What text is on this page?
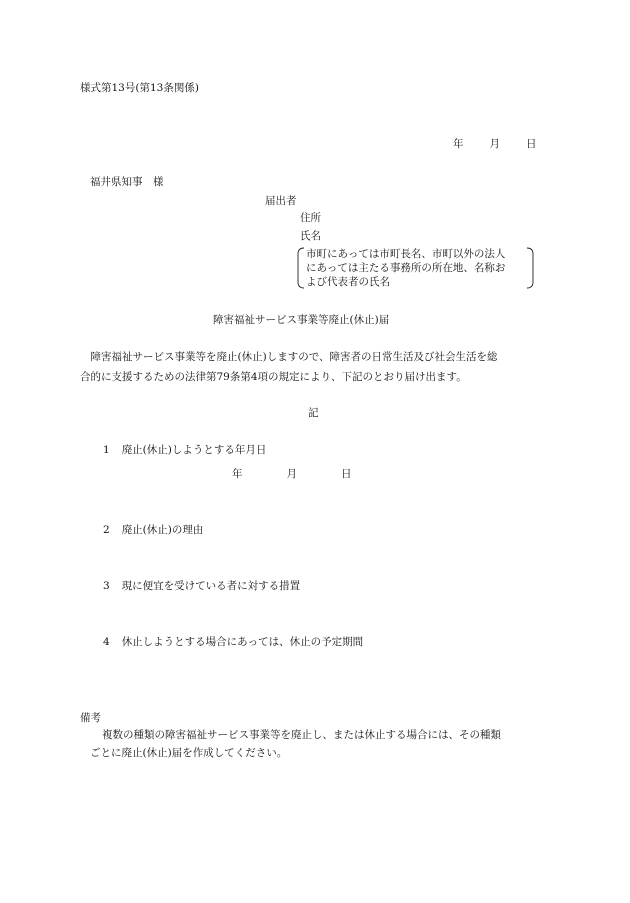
様式第13号(第13条関係)
年 月 日
福井県知事　様
届出者
住所
氏名
市町にあっては市町長名、市町以外の法人
にあっては主たる事務所の所在地、名称お
よび代表者の氏名
障害福祉サービス事業等廃止(休止)届
　障害福祉サービス事業等を廃止(休止)しますので、障害者の日常生活及び社会生活を総
合的に支援するための法律第79条第4項の規定により、下記のとおり届け出ます。
記
1 廃止(休止)しようとする年月日
年	月	日
2 廃止(休止)の理由
3 現に便宜を受けている者に対する措置
4 休止しようとする場合にあっては、休止の予定期間
備考
複数の種類の障害福祉サービス事業等を廃止し、または休止する場合には、その種類
ごとに廃止(休止)届を作成してください。
